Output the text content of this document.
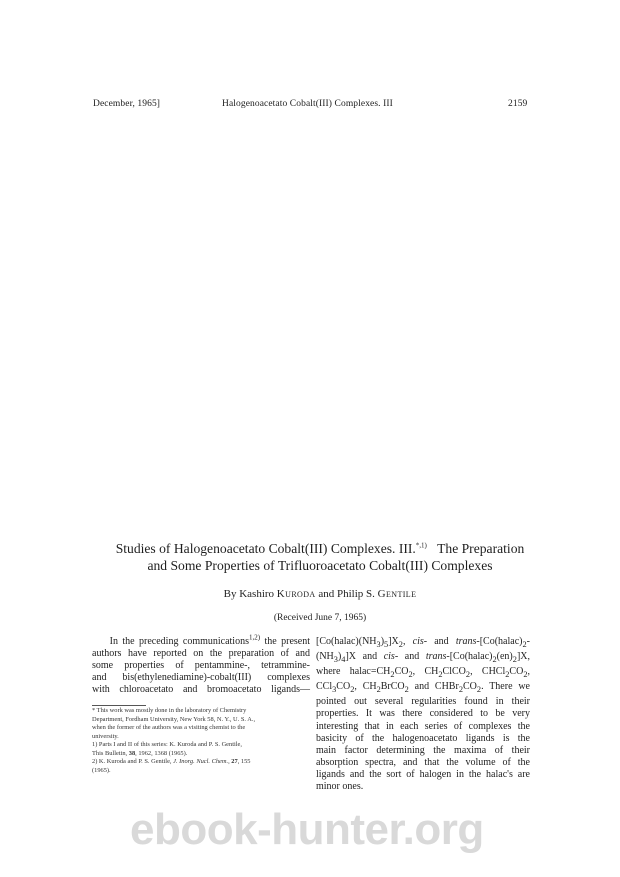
December, 1965]	Halogenoacetato Cobalt(III) Complexes. III	2159
Studies of Halogenoacetato Cobalt(III) Complexes. III.$^{*,1)}$ The Preparation
and Some Properties of Trifluoroacetato Cobalt(III) Complexes
By Kashiro Kuroda and Philip S. Gentile
(Received June 7, 1965)
In the preceding communications$^{1,2)}$ the present
authors have reported on the preparation of and
some properties of pentammine-, tetrammine-
and bis(ethylenediamine)-cobalt(III) complexes
with chloroacetato and bromoacetato ligands—
$[Co(halac)(NH_3)_5]X_2$, cis- and trans-[$Co(halac)_2-$
$(NH_3)_4]X$ and cis- and trans-$[Co(halac)_2(en)_2]X$,
where $halac=CH_2CO_2$, $CH_2ClCO_2$, $CHCl_2CO_2$,
$CCl_3CO_2$, $CH_2BrCO_2$ and $CHBr_2CO_2$. There we
pointed out several regularities found in their
properties. It was there considered to be very
interesting that in each series of complexes the
basicity of the halogenoacetato ligands is the
main factor determining the maxima of their
absorption spectra, and that the volume of the
ligands and the sort of halogen in the halac's are
minor ones.
* This work was mostly done in the laboratory of Chemistry
Department, Fordham University, New York 58, N. Y., U. S. A.,
when the former of the authors was a visiting chemist to the
university.
1) Parts I and II of this series: K. Kuroda and P. S. Gentile,
This Bulletin, 38, 1962, 1368 (1965).
2) K. Kuroda and P. S. Gentile, J. Inorg. Nucl. Chem., 27, 155
(1965).
ebook-hunter.org
